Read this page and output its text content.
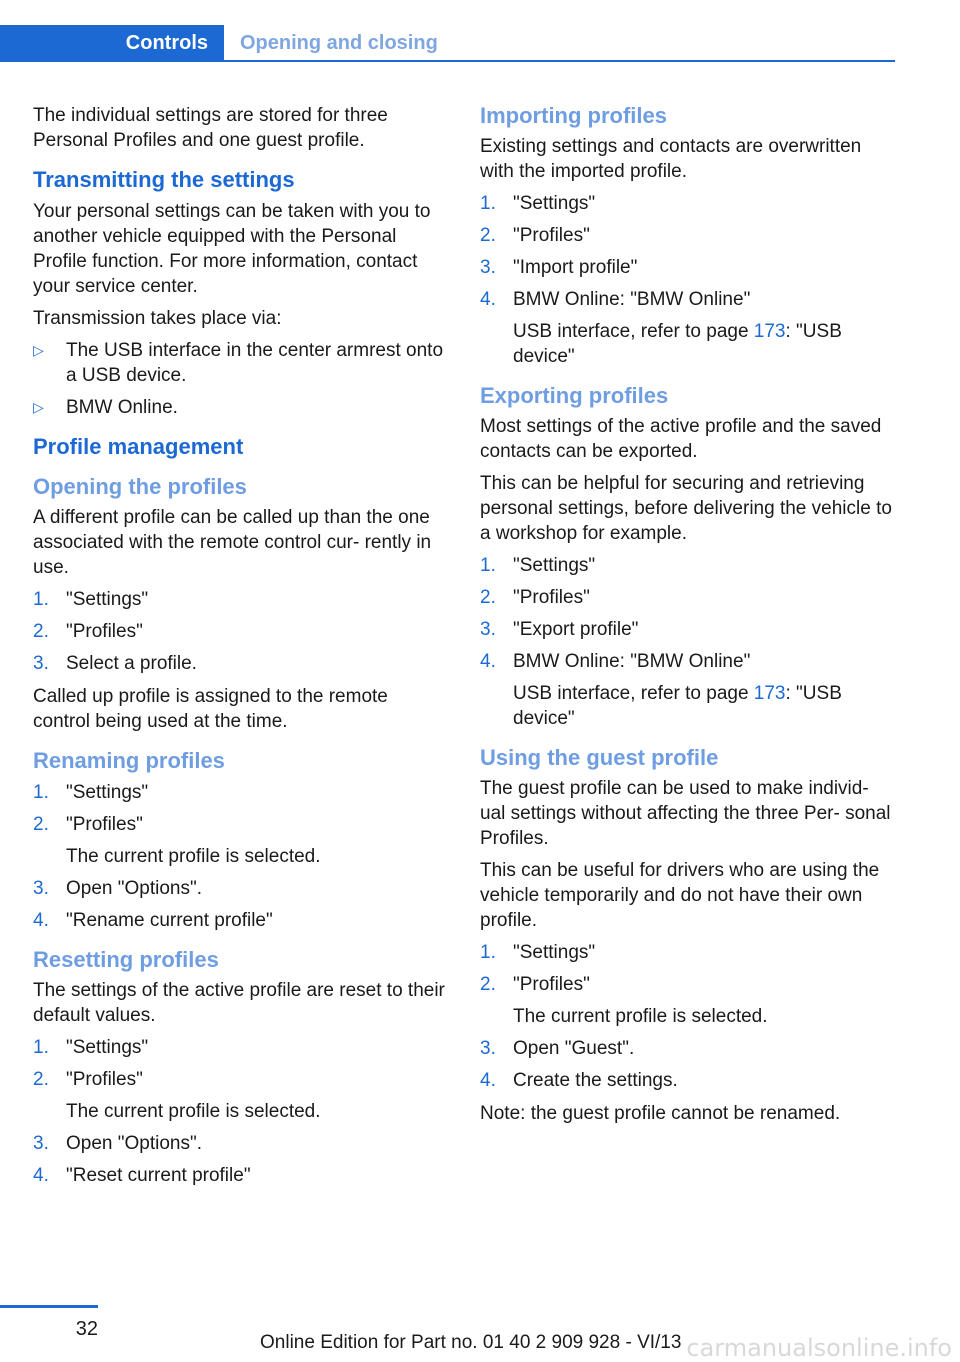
Controls	Opening and closing

The individual settings are stored for three Personal Profiles and one guest profile.

Transmitting the settings

Your personal settings can be taken with you to another vehicle equipped with the Personal Profile function. For more information, contact your service center.

Transmission takes place via:

▷ The USB interface in the center armrest onto a USB device.
▷ BMW Online.
Profile management
Opening the profiles

A different profile can be called up than the one associated with the remote control cur- rently in use.

1. "Settings"
2. "Profiles"
3. Select a profile.

Called up profile is assigned to the remote control being used at the time.

Renaming profiles
1. "Settings"
2. "Profiles"
The current profile is selected.
3. Open "Options".
4. "Rename current profile"
Resetting profiles

The settings of the active profile are reset to their default values.

1. "Settings"
2. "Profiles"
The current profile is selected.
3. Open "Options".
4. "Reset current profile"
Importing profiles

Existing settings and contacts are overwritten with the imported profile.

1. "Settings"
2. "Profiles"
3. "Import profile"
4. BMW Online: "BMW Online"
USB interface, refer to page 173: "USB device"
Exporting profiles

Most settings of the active profile and the saved contacts can be exported.

This can be helpful for securing and retrieving personal settings, before delivering the vehicle to a workshop for example.

1. "Settings"
2. "Profiles"
3. "Export profile"
4. BMW Online: "BMW Online"
USB interface, refer to page 173: "USB device"
Using the guest profile

The guest profile can be used to make individ- ual settings without affecting the three Per- sonal Profiles.

This can be useful for drivers who are using the vehicle temporarily and do not have their own profile.

1. "Settings"
2. "Profiles"
The current profile is selected.
3. Open "Guest".
4. Create the settings.

Note: the guest profile cannot be renamed.

32
Online Edition for Part no. 01 40 2 909 928 - VI/13 carmanualsonline.info
